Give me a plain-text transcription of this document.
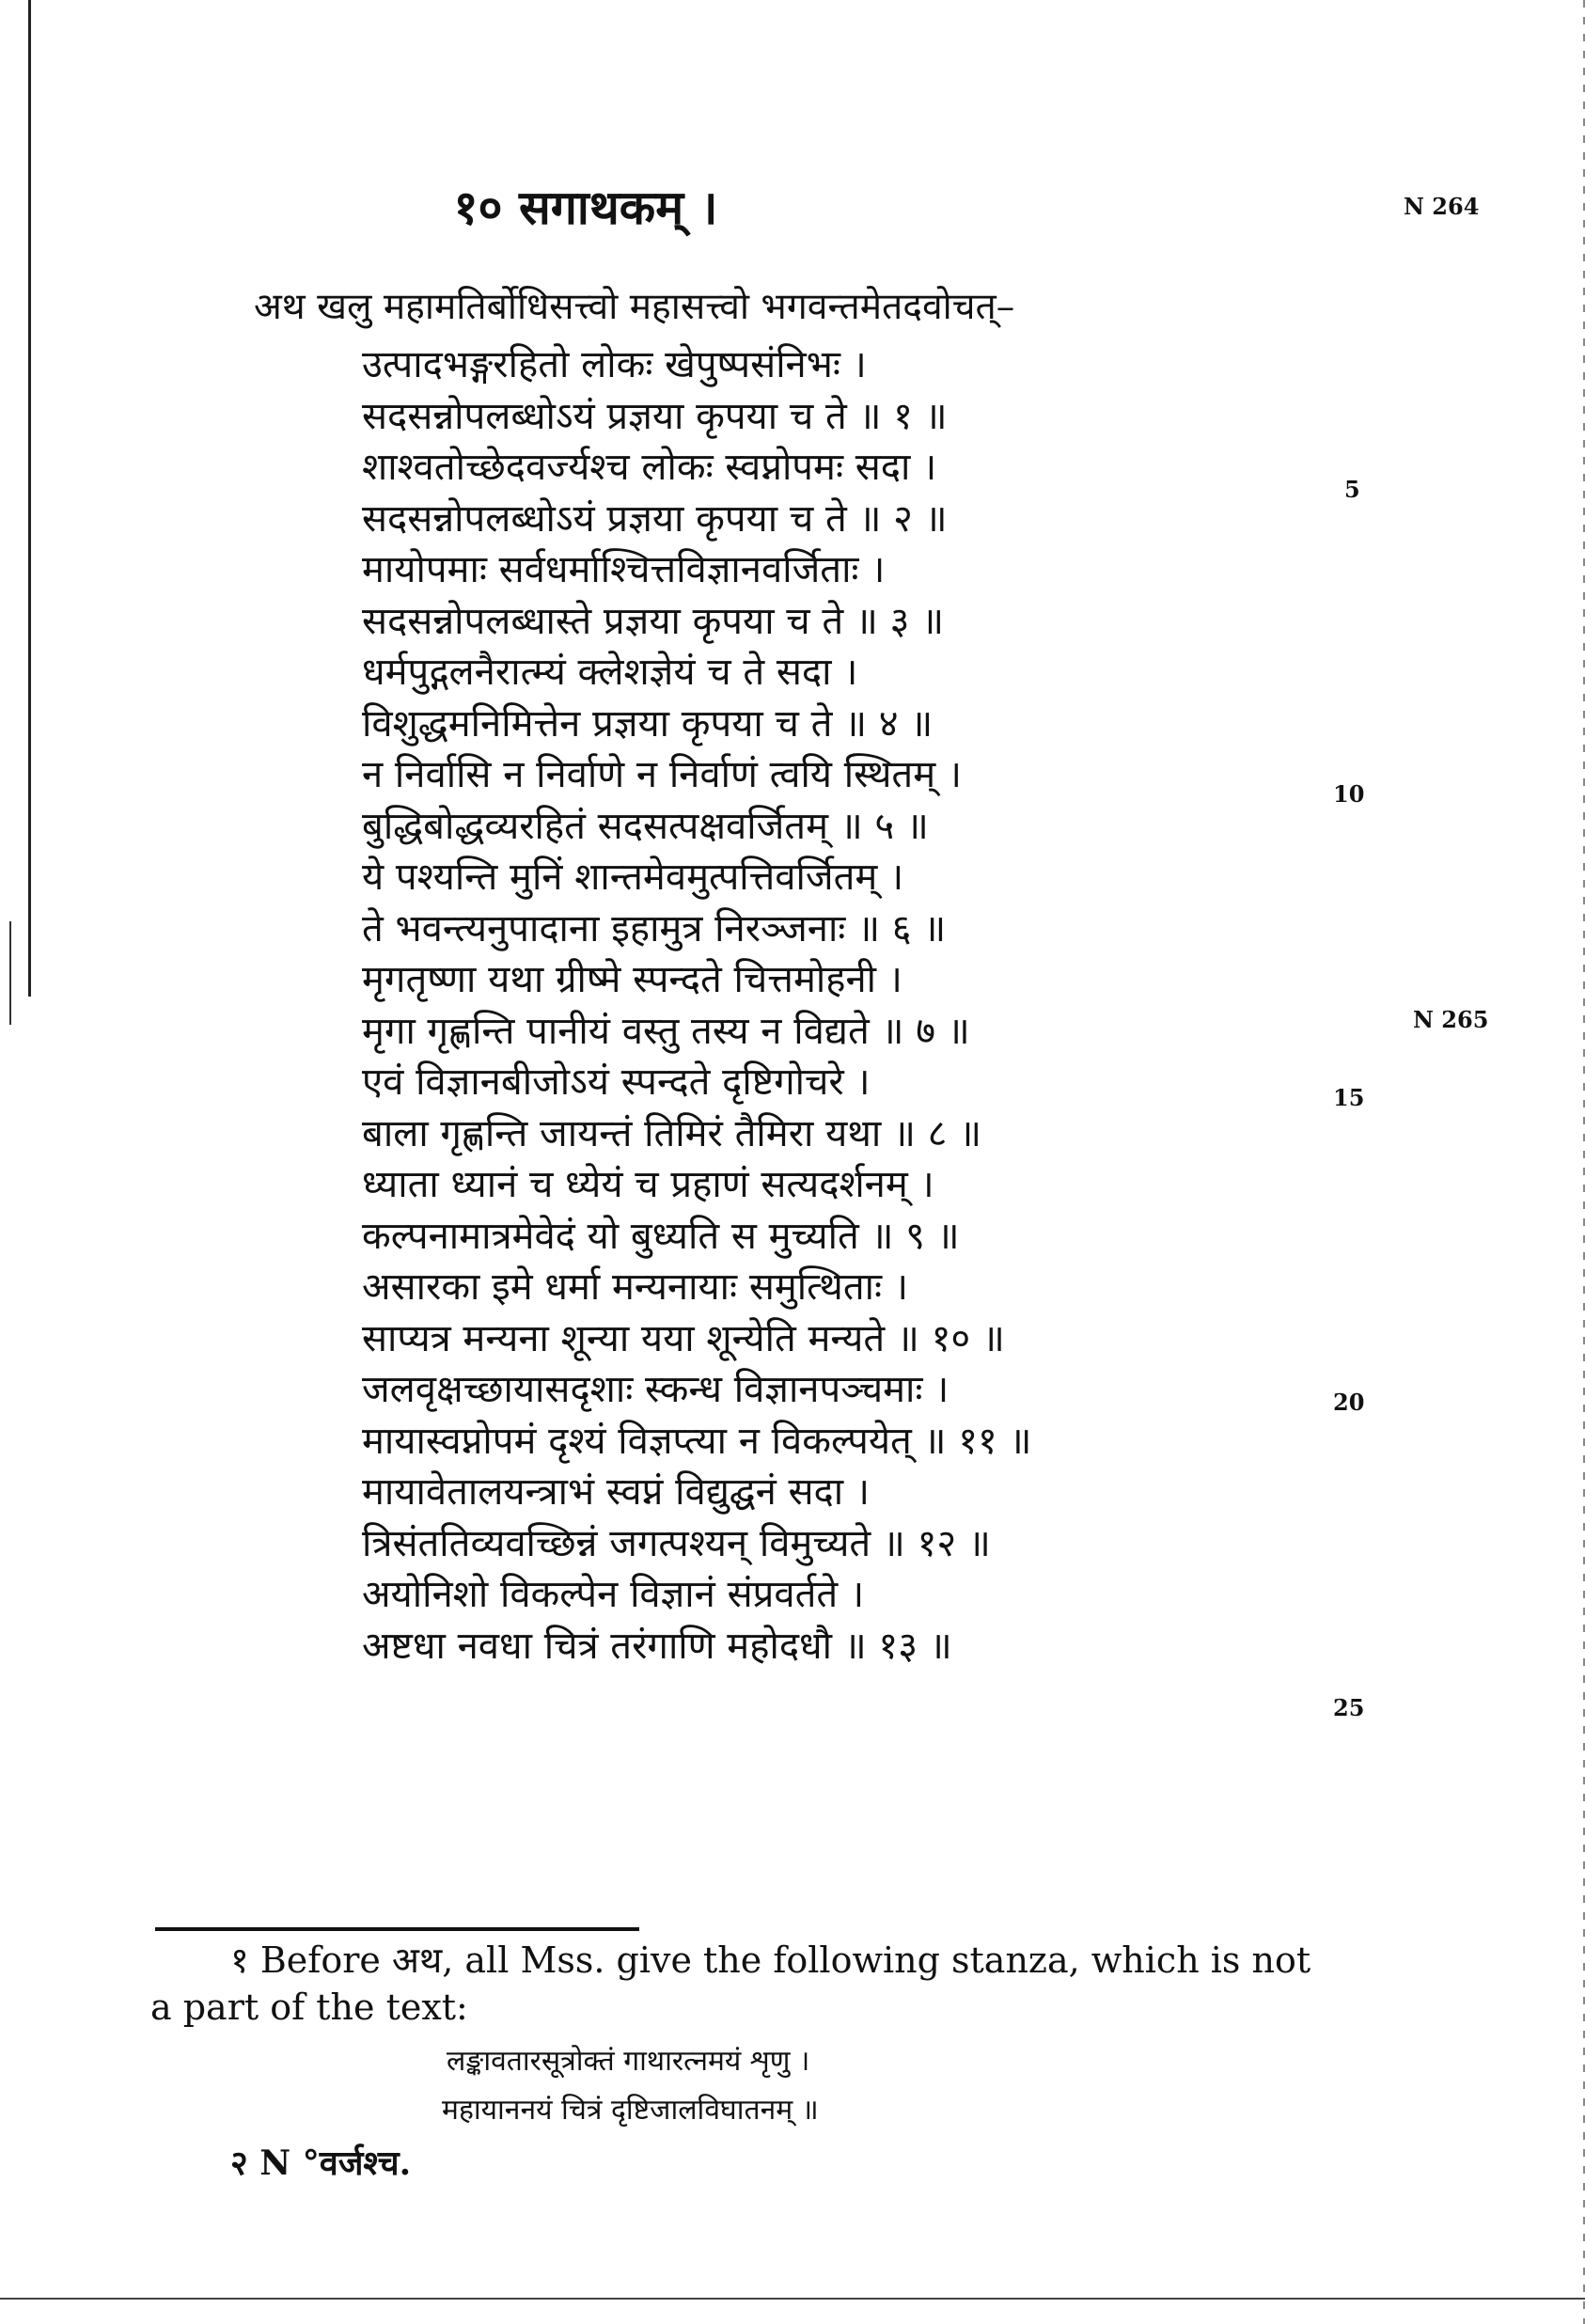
१० सगाथकम् ।	N 264
N 265
अथ खलु महामतिर्बोधिसत्त्वो महासत्त्वो भगवन्तमेतदवोचत्–
उत्पादभङ्गरहितो लोकः खेपुष्पसंनिभः ।
सदसन्नोपलब्धोऽयं प्रज्ञया कृपया च ते ॥ १ ॥
शाश्वतोच्छेदवर्ज्यश्च लोकः स्वप्नोपमः सदा ।
सदसन्नोपलब्धोऽयं प्रज्ञया कृपया च ते ॥ २ ॥
मायोपमाः सर्वधर्माश्चित्तविज्ञानवर्जिताः ।
सदसन्नोपलब्धास्ते प्रज्ञया कृपया च ते ॥ ३ ॥
धर्मपुद्गलनैरात्म्यं क्लेशज्ञेयं च ते सदा ।
विशुद्धमनिमित्तेन प्रज्ञया कृपया च ते ॥ ४ ॥
न निर्वासि न निर्वाणे न निर्वाणं त्वयि स्थितम् ।
बुद्धिबोद्धव्यरहितं सदसत्पक्षवर्जितम् ॥ ५ ॥
ये पश्यन्ति मुनिं शान्तमेवमुत्पत्तिवर्जितम् ।
ते भवन्त्यनुपादाना इहामुत्र निरञ्जनाः ॥ ६ ॥
मृगतृष्णा यथा ग्रीष्मे स्पन्दते चित्तमोहनी ।
मृगा गृह्णन्ति पानीयं वस्तु तस्य न विद्यते ॥ ७ ॥
एवं विज्ञानबीजोऽयं स्पन्दते दृष्टिगोचरे ।
बाला गृह्णन्ति जायन्तं तिमिरं तैमिरा यथा ॥ ८ ॥
ध्याता ध्यानं च ध्येयं च प्रहाणं सत्यदर्शनम् ।
कल्पनामात्रमेवेदं यो बुध्यति स मुच्यति ॥ ९ ॥
असारका इमे धर्मा मन्यनायाः समुत्थिताः ।
साप्यत्र मन्यना शून्या यया शून्येति मन्यते ॥ १० ॥
जलवृक्षच्छायासदृशाः स्कन्ध विज्ञानपञ्चमाः ।
मायास्वप्नोपमं दृश्यं विज्ञप्त्या न विकल्पयेत् ॥ ११ ॥
मायावेतालयन्त्राभं स्वप्नं विद्युद्घनं सदा ।
त्रिसंततिव्यवच्छिन्नं जगत्पश्यन् विमुच्यते ॥ १२ ॥
अयोनिशो विकल्पेन विज्ञानं संप्रवर्तते ।
अष्टधा नवधा चित्रं तरंगाणि महोदधौ ॥ १३ ॥
5
10
15
20
25
१ Before अथ, all Mss. give the following stanza, which is not
a part of the text:
लङ्कावतारसूत्रोक्तं गाथारत्नमयं शृणु ।
महायाननयं चित्रं दृष्टिजालविघातनम् ॥
२ N °वर्जश्च.
